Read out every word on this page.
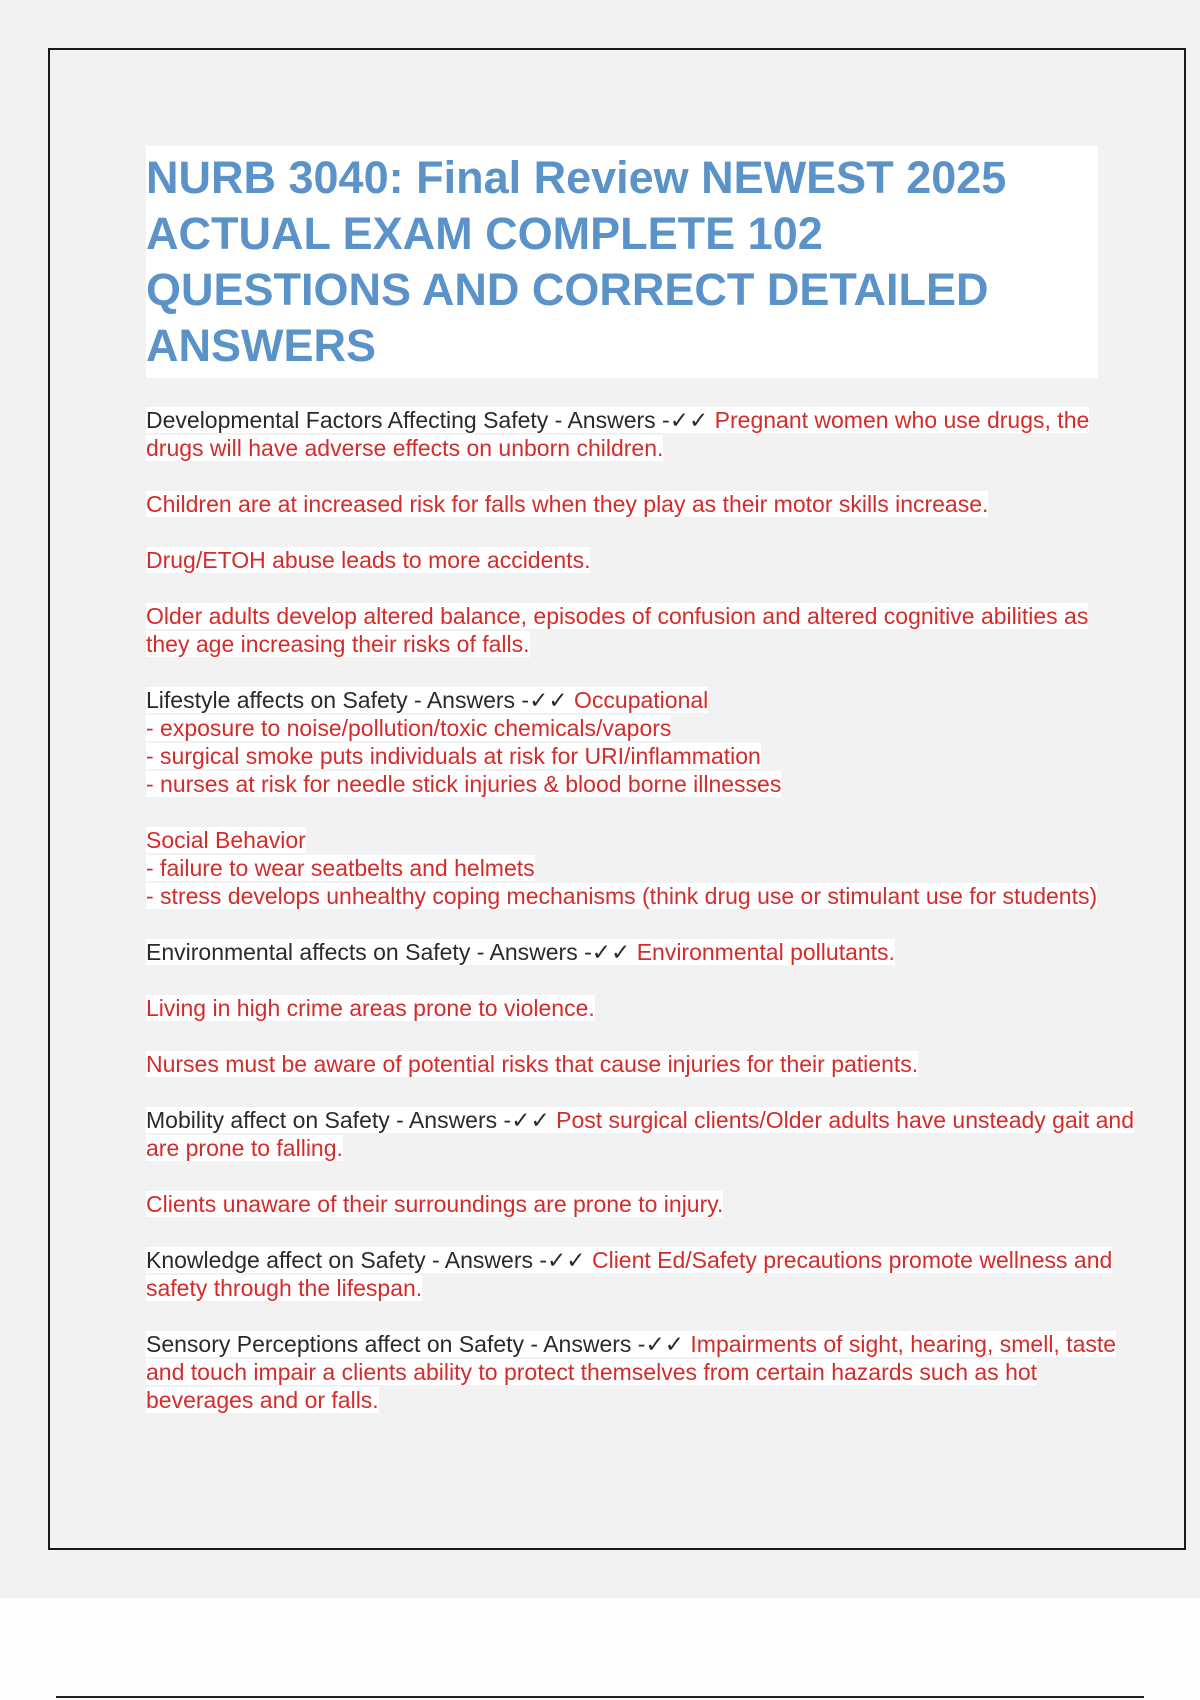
NURB 3040: Final Review NEWEST 2025 ACTUAL EXAM COMPLETE 102 QUESTIONS AND CORRECT DETAILED ANSWERS

Developmental Factors Affecting Safety - Answers -✓✓ Pregnant women who use drugs, the drugs will have adverse effects on unborn children.

Children are at increased risk for falls when they play as their motor skills increase.

Drug/ETOH abuse leads to more accidents.

Older adults develop altered balance, episodes of confusion and altered cognitive abilities as they age increasing their risks of falls.

Lifestyle affects on Safety - Answers -✓✓ Occupational
- exposure to noise/pollution/toxic chemicals/vapors
- surgical smoke puts individuals at risk for URI/inflammation
- nurses at risk for needle stick injuries & blood borne illnesses

Social Behavior
- failure to wear seatbelts and helmets
- stress develops unhealthy coping mechanisms (think drug use or stimulant use for students)

Environmental affects on Safety - Answers -✓✓ Environmental pollutants.

Living in high crime areas prone to violence.

Nurses must be aware of potential risks that cause injuries for their patients.

Mobility affect on Safety - Answers -✓✓ Post surgical clients/Older adults have unsteady gait and are prone to falling.

Clients unaware of their surroundings are prone to injury.

Knowledge affect on Safety - Answers -✓✓ Client Ed/Safety precautions promote wellness and safety through the lifespan.

Sensory Perceptions affect on Safety - Answers -✓✓ Impairments of sight, hearing, smell, taste and touch impair a clients ability to protect themselves from certain hazards such as hot beverages and or falls.
